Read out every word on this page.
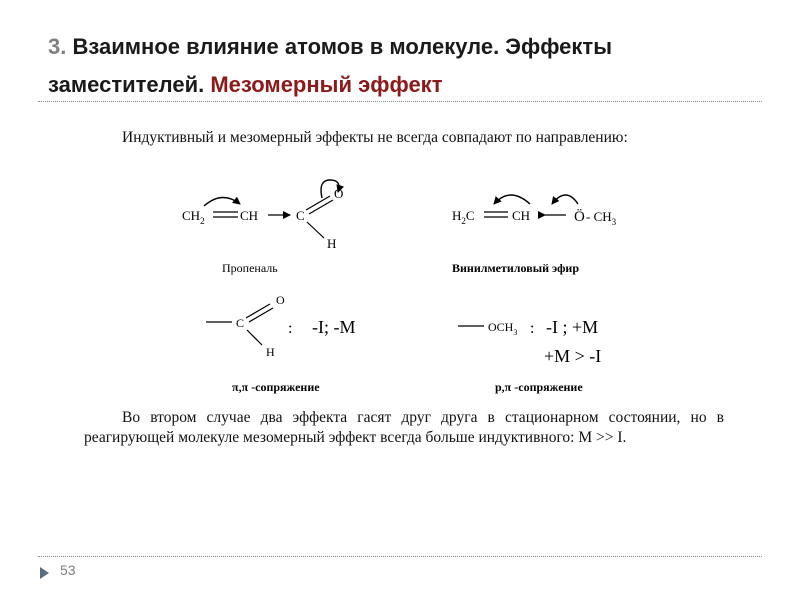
3. Взаимное влияние атомов в молекуле. Эффекты заместителей. Мезомерный эффект
Индуктивный и мезомерный эффекты не всегда совпадают по направлению:
$CH_2$	CH	C
O
H
Пропеналь
$H_2C$	CH	Ö - $CH_3$
Винилметиловый эфир
C
O
H
: -I; -M
π,π -сопряжение
$OCH_3$ : -I ; +M
+M > -I
p,π -сопряжение
Во втором случае два эффекта гасят друг друга в стационарном состоянии, но в реагирующей молекуле мезомерный эффект всегда больше индуктивного: M >> I.
53
